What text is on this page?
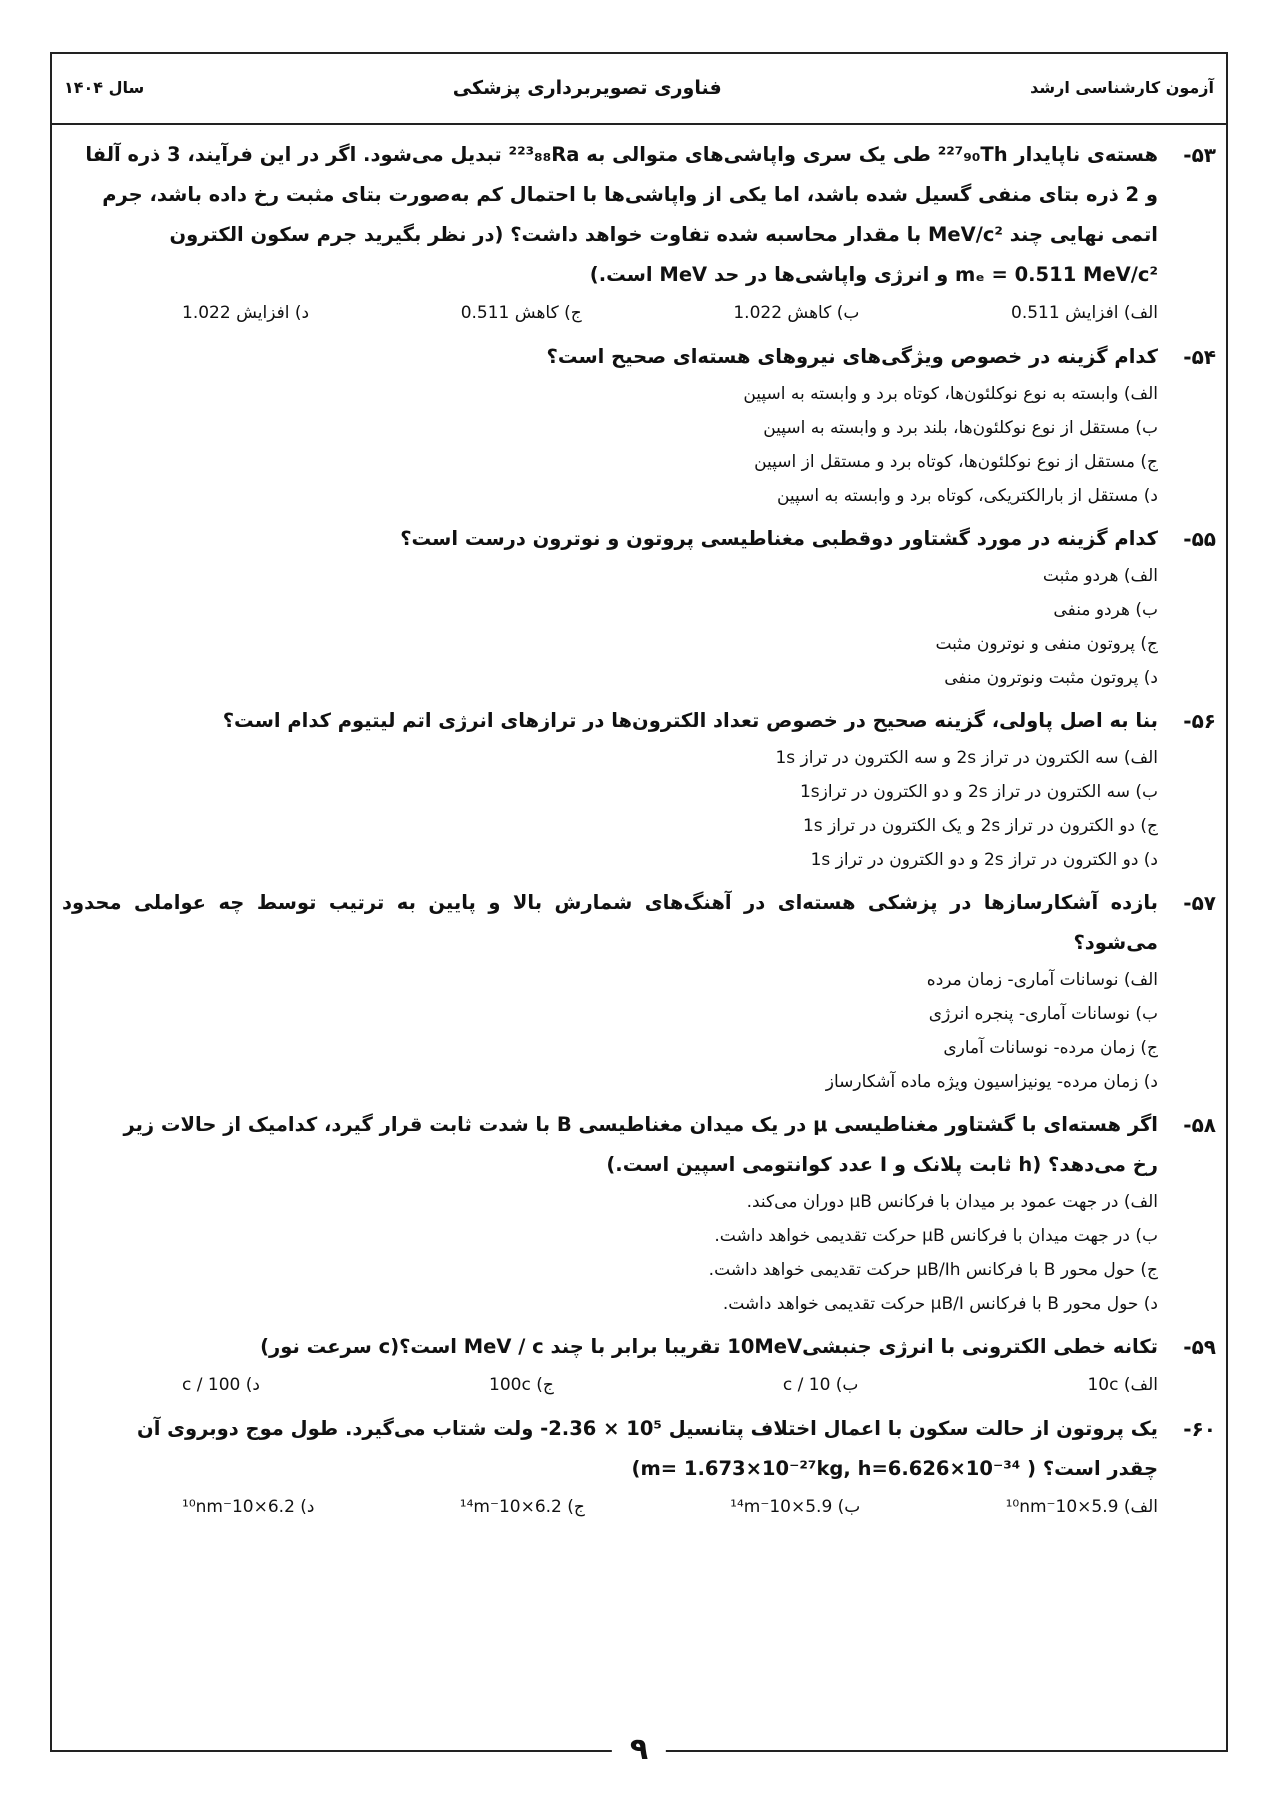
آزمون کارشناسی ارشد
فناوری تصویربرداری پزشکی
سال ۱۴۰۴
۵۳-

هسته‌ی ناپایدار ²²⁷₉₀Th طی یک سری واپاشی‌های متوالی به ²²³₈₈Ra تبدیل می‌شود. اگر در این فرآیند، 3 ذره آلفا

و 2 ذره بتای منفی گسیل شده باشد، اما یکی از واپاشی‌ها با احتمال کم به‌صورت بتای مثبت رخ داده باشد، جرم

اتمی نهایی چند MeV/c² با مقدار محاسبه شده تفاوت خواهد داشت؟ (در نظر بگیرید جرم سکون الکترون

mₑ = 0.511 MeV/c² و انرژی واپاشی‌ها در حد MeV است.)

الف) افزایش 0.511
ب) کاهش 1.022
ج) کاهش 0.511
د) افزایش 1.022
۵۴-

کدام گزینه در خصوص ویژگی‌های نیروهای هسته‌ای صحیح است؟

الف) وابسته به نوع نوکلئون‌ها، کوتاه برد و وابسته به اسپین
ب) مستقل از نوع نوکلئون‌ها، بلند برد و وابسته به اسپین
ج) مستقل از نوع نوکلئون‌ها، کوتاه برد و مستقل از اسپین
د) مستقل از بارالکتریکی، کوتاه برد و وابسته به اسپین
۵۵-

کدام گزینه در مورد گشتاور دوقطبی مغناطیسی پروتون و نوترون درست است؟

الف) هردو مثبت
ب) هردو منفی
ج) پروتون منفی و نوترون مثبت
د) پروتون مثبت ونوترون منفی
۵۶-

بنا به اصل پاولی، گزینه صحیح در خصوص تعداد الکترون‌ها در ترازهای انرژی اتم لیتیوم کدام است؟

الف) سه الکترون در تراز 2s و سه الکترون در تراز 1s
ب) سه الکترون در تراز 2s و دو الکترون در تراز1s
ج) دو الکترون در تراز 2s و یک الکترون در تراز 1s
د) دو الکترون در تراز 2s و دو الکترون در تراز 1s
۵۷-

بازده آشکارسازها در پزشکی هسته‌ای در آهنگ‌های شمارش بالا و پایین به ترتیب توسط چه عواملی محدود می‌شود؟

الف) نوسانات آماری- زمان مرده
ب) نوسانات آماری- پنجره انرژی
ج) زمان مرده- نوسانات آماری
د) زمان مرده- یونیزاسیون ویژه ماده آشکارساز
۵۸-

اگر هسته‌ای با گشتاور مغناطیسی μ در یک میدان مغناطیسی B با شدت ثابت قرار گیرد، کدامیک از حالات زیر

رخ می‌دهد؟ (h ثابت پلانک و I عدد کوانتومی اسپین است.)

الف) در جهت عمود بر میدان با فرکانس μB دوران می‌کند.
ب) در جهت میدان با فرکانس μB حرکت تقدیمی خواهد داشت.
ج) حول محور B با فرکانس μB/Ih حرکت تقدیمی خواهد داشت.
د) حول محور B با فرکانس μB/I حرکت تقدیمی خواهد داشت.
۵۹-

تکانه خطی الکترونی با انرژی جنبشی10MeV تقریبا برابر با چند MeV / c است؟(c سرعت نور)

الف) 10c
ب) 10 / c
ج) 100c
د) 100 / c
۶۰-

یک پروتون از حالت سکون با اعمال اختلاف پتانسیل 10⁵ × 2.36- ولت شتاب می‌گیرد. طول موج دوبروی آن

چقدر است؟ ( m= 1.673×10⁻²⁷kg, h=6.626×10⁻³⁴)

الف) 5.9×10⁻¹⁰nm
ب) 5.9×10⁻¹⁴m
ج) 6.2×10⁻¹⁴m
د) 6.2×10⁻¹⁰nm
۹
